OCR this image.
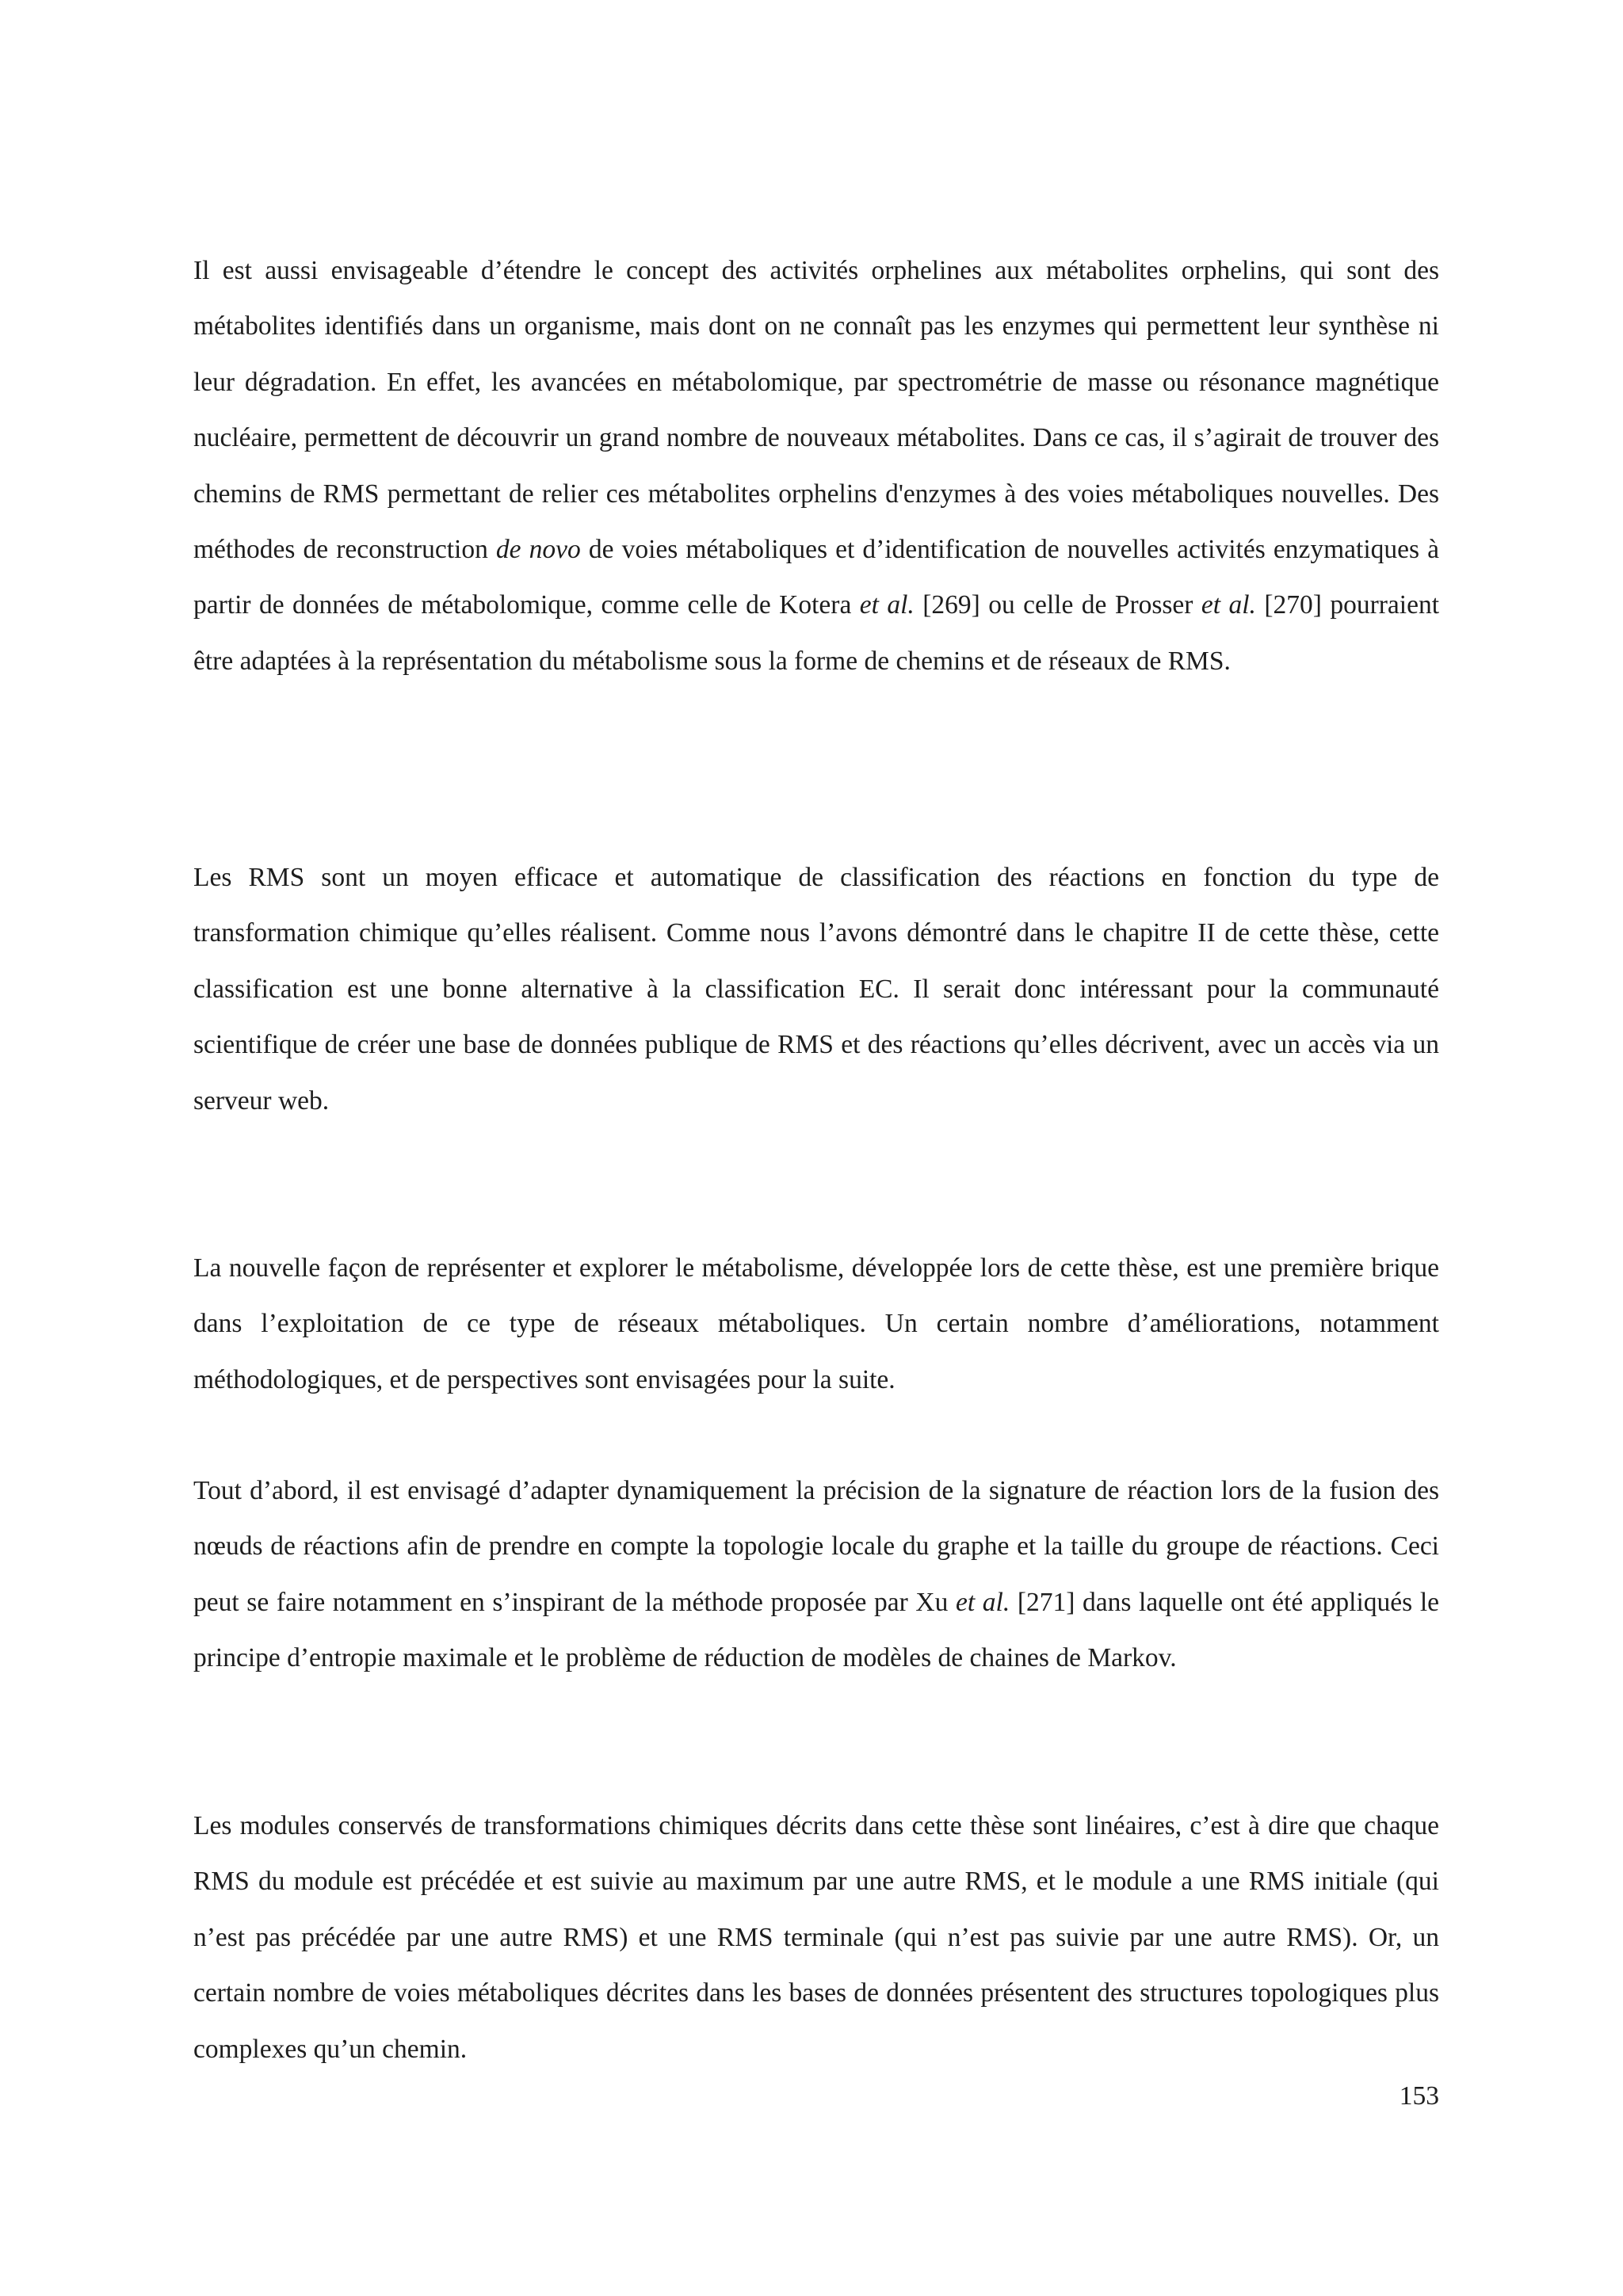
Il est aussi envisageable d’étendre le concept des activités orphelines aux métabolites orphelins, qui sont des métabolites identifiés dans un organisme, mais dont on ne connaît pas les enzymes qui permettent leur synthèse ni leur dégradation. En effet, les avancées en métabolomique, par spectrométrie de masse ou résonance magnétique nucléaire, permettent de découvrir un grand nombre de nouveaux métabolites. Dans ce cas, il s’agirait de trouver des chemins de RMS permettant de relier ces métabolites orphelins d'enzymes à des voies métaboliques nouvelles. Des méthodes de reconstruction de novo de voies métaboliques et d’identification de nouvelles activités enzymatiques à partir de données de métabolomique, comme celle de Kotera et al. [269] ou celle de Prosser et al. [270] pourraient être adaptées à la représentation du métabolisme sous la forme de chemins et de réseaux de RMS.

Les RMS sont un moyen efficace et automatique de classification des réactions en fonction du type de transformation chimique qu’elles réalisent. Comme nous l’avons démontré dans le chapitre II de cette thèse, cette classification est une bonne alternative à la classification EC. Il serait donc intéressant pour la communauté scientifique de créer une base de données publique de RMS et des réactions qu’elles décrivent, avec un accès via un serveur web.

La nouvelle façon de représenter et explorer le métabolisme, développée lors de cette thèse, est une première brique dans l’exploitation de ce type de réseaux métaboliques. Un certain nombre d’améliorations, notamment méthodologiques, et de perspectives sont envisagées pour la suite.

Tout d’abord, il est envisagé d’adapter dynamiquement la précision de la signature de réaction lors de la fusion des nœuds de réactions afin de prendre en compte la topologie locale du graphe et la taille du groupe de réactions. Ceci peut se faire notamment en s’inspirant de la méthode proposée par Xu et al. [271] dans laquelle ont été appliqués le principe d’entropie maximale et le problème de réduction de modèles de chaines de Markov.

Les modules conservés de transformations chimiques décrits dans cette thèse sont linéaires, c’est à dire que chaque RMS du module est précédée et est suivie au maximum par une autre RMS, et le module a une RMS initiale (qui n’est pas précédée par une autre RMS) et une RMS terminale (qui n’est pas suivie par une autre RMS). Or, un certain nombre de voies métaboliques décrites dans les bases de données présentent des structures topologiques plus complexes qu’un chemin.

153
